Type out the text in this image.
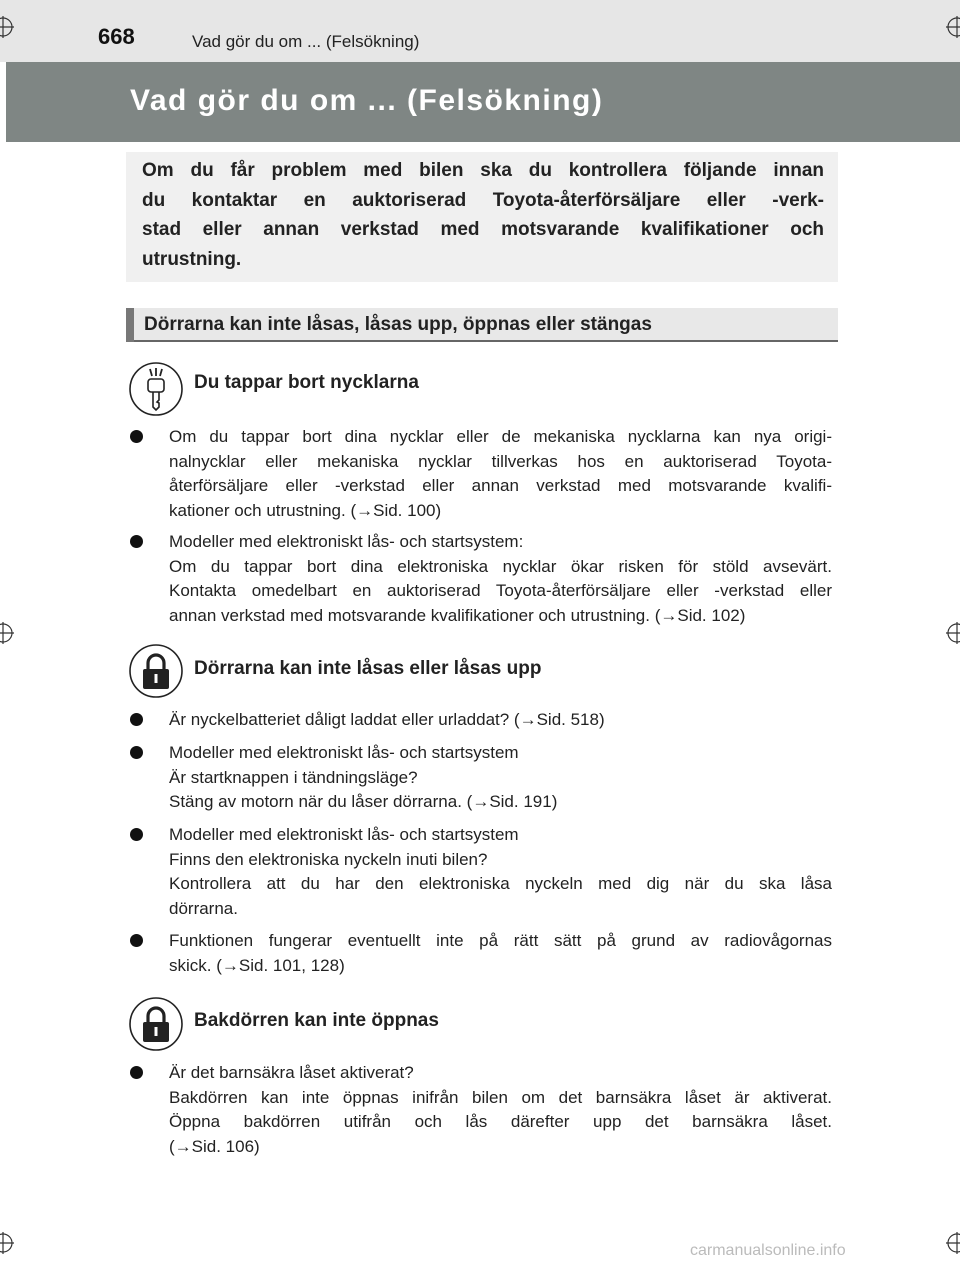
668	Vad gör du om ... (Felsökning)
Vad gör du om ... (Felsökning)

Om du får problem med bilen ska du kontrollera följande innan
du kontaktar en auktoriserad Toyota-återförsäljare eller -verk-
stad eller annan verkstad med motsvarande kvalifikationer och
utrustning.

Dörrarna kan inte låsas, låsas upp, öppnas eller stängas
Du tappar bort nycklarna
Om du tappar bort dina nycklar eller de mekaniska nycklarna kan nya origi-
nalnycklar eller mekaniska nycklar tillverkas hos en auktoriserad Toyota-
återförsäljare eller -verkstad eller annan verkstad med motsvarande kvalifi-
kationer och utrustning. (→Sid. 100)
Modeller med elektroniskt lås- och startsystem:
Om du tappar bort dina elektroniska nycklar ökar risken för stöld avsevärt.
Kontakta omedelbart en auktoriserad Toyota-återförsäljare eller -verkstad eller
annan verkstad med motsvarande kvalifikationer och utrustning. (→Sid. 102)
Dörrarna kan inte låsas eller låsas upp
Är nyckelbatteriet dåligt laddat eller urladdat? (→Sid. 518)
Modeller med elektroniskt lås- och startsystem
Är startknappen i tändningsläge?
Stäng av motorn när du låser dörrarna. (→Sid. 191)
Modeller med elektroniskt lås- och startsystem
Finns den elektroniska nyckeln inuti bilen?
Kontrollera att du har den elektroniska nyckeln med dig när du ska låsa
dörrarna.
Funktionen fungerar eventuellt inte på rätt sätt på grund av radiovågornas
skick. (→Sid. 101, 128)
Bakdörren kan inte öppnas
Är det barnsäkra låset aktiverat?
Bakdörren kan inte öppnas inifrån bilen om det barnsäkra låset är aktiverat.
Öppna bakdörren utifrån och lås därefter upp det barnsäkra låset.
(→Sid. 106)
carmanualsonline.info
